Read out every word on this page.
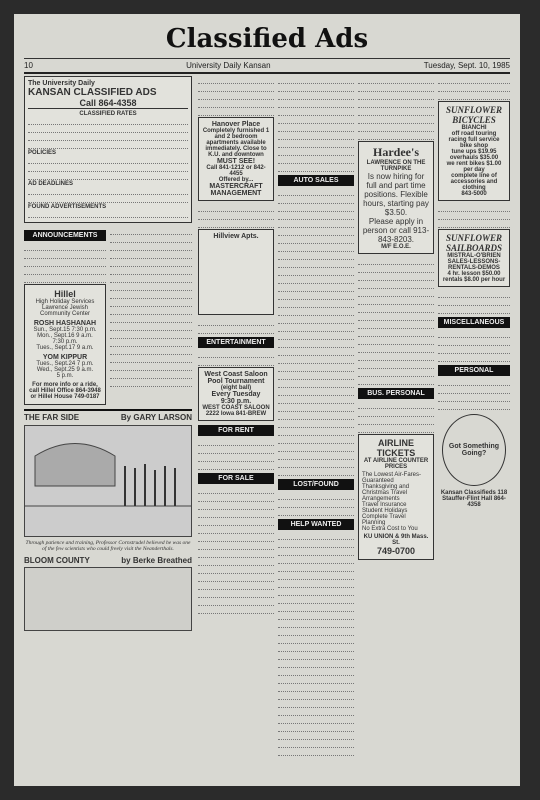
Classified Ads
10	University Daily Kansan	Tuesday, Sept. 10, 1985
The University Daily
KANSAN CLASSIFIED ADS
Call 864-4358
CLASSIFIED RATES
POLICIES
AD DEADLINES
FOUND ADVERTISEMENTS
ANNOUNCEMENTS
Hillel
High Holiday Services
Lawrence Jewish Community Center
ROSH HASHANAH
Sun., Sept.15 7:30 p.m.
Mon., Sept.16 9 a.m.
7:30 p.m.
Tues., Sept.17 9 a.m.
YOM KIPPUR
Tues., Sept.24 7 p.m.
Wed., Sept.25 9 a.m.
5 p.m.
For more info or a ride, call Hillel Office 864-3948 or Hillel House 749-0187
THE FAR SIDE	By GARY LARSON
Through patience and training, Professor Cornstrudel believed he was one of the few scientists who could freely visit the Neanderthals.
BLOOM COUNTY	by Berke Breathed
Hanover Place
Completely furnished 1 and 2 bedroom apartments available immediately. Close to K.U. and downtown
MUST SEE!
Call 841-1212 or 842-4455
Offered by...
MASTERCRAFT MANAGEMENT
Hillview Apts.
ENTERTAINMENT
West Coast Saloon
Pool Tournament
(eight ball)
Every Tuesday
9:30 p.m.
WEST COAST SALOON
2222 Iowa 841-BREW
FOR RENT
FOR SALE
AUTO SALES
LOST/FOUND
HELP WANTED
Hardee's
LAWRENCE ON THE TURNPIKE
Is now hiring for full and part time positions. Flexible hours, starting pay $3.50.
Please apply in person or call 913-843-8203.
M/F E.O.E.
BUS. PERSONAL
AIRLINE TICKETS
AT AIRLINE COUNTER PRICES
The Lowest Air-Fares-Guaranteed
Thanksgiving and Christmas Travel Arrangements
Travel Insurance
Student Holidays
Complete Travel Planning
No Extra Cost to You
KU UNION & 9th Mass. St.
749-0700
SUNFLOWER BICYCLES
BIANCHI
off road touring racing full service bike shop
tune ups $19.95 overhauls $35.00
we rent bikes $1.00 per day
complete line of accessories and clothing
843-5000
SUNFLOWER SAILBOARDS
MISTRAL-O'BRIEN
SALES-LESSONS-RENTALS-DEMOS
4 hr. lesson $50.00 rentals $8.00 per hour
MISCELLANEOUS
PERSONAL
Got Something Going?
Kansan Classifieds 118 Stauffer-Flint Hall 864-4358
